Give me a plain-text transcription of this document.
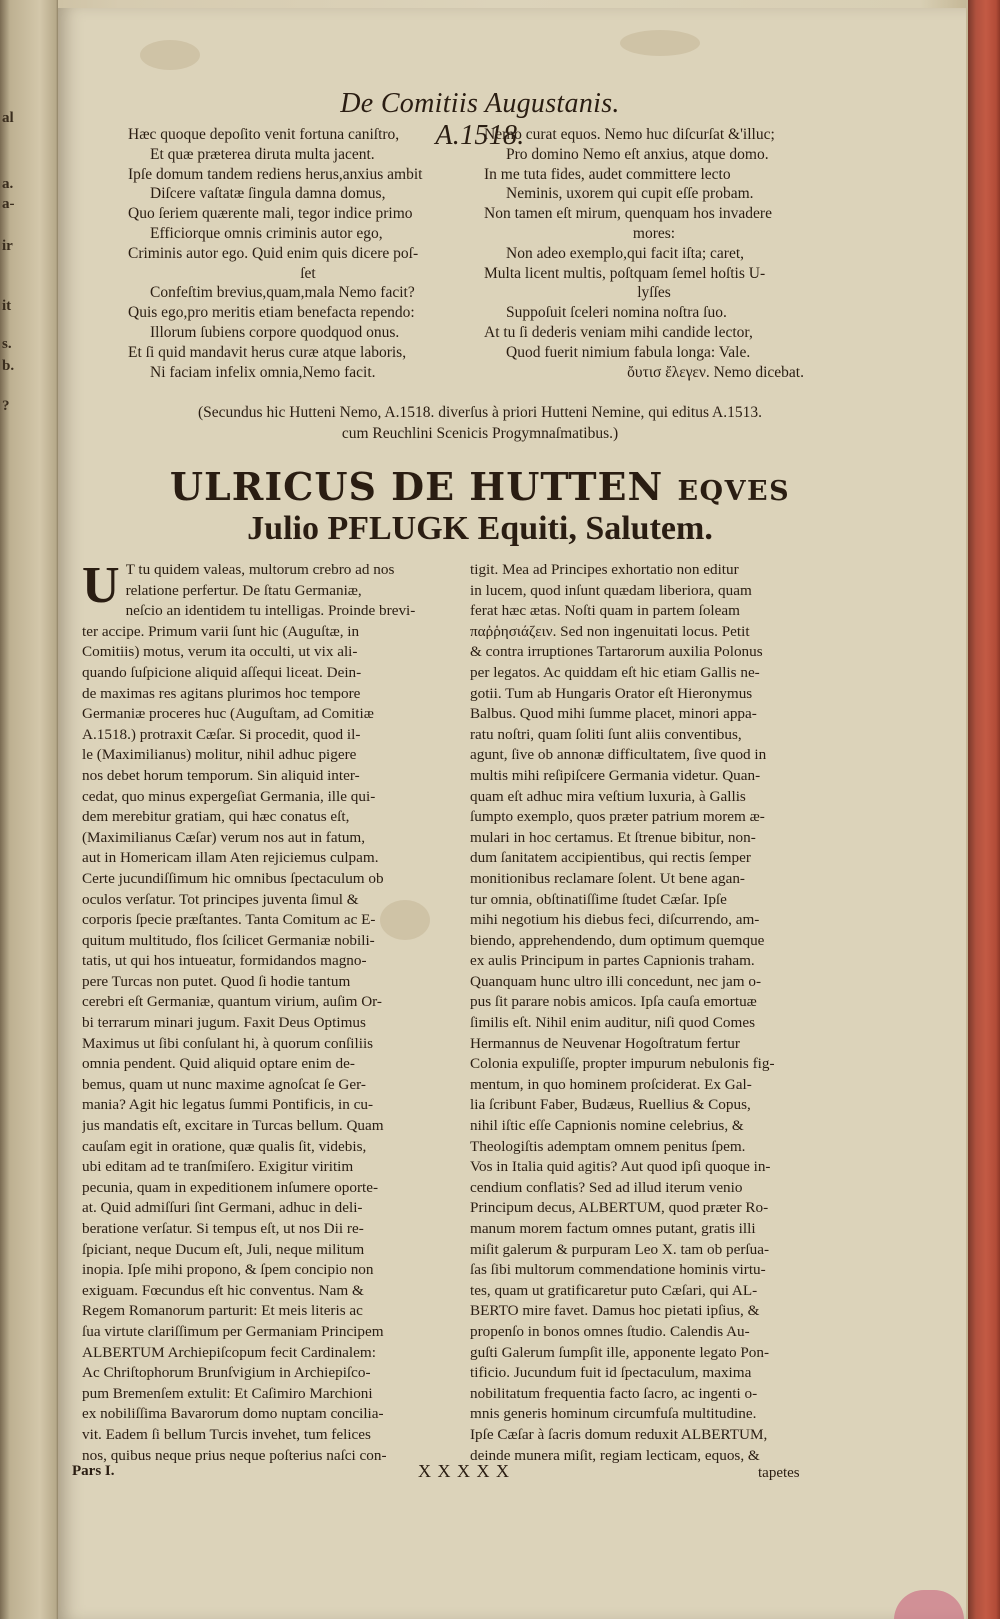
al
a.
a-
ir
it
s.
b.
?
De Comitiis Augustanis. A.1518.
Hæc quoque depoſito venit fortuna caniſtro,
Et quæ præterea diruta multa jacent.
Ipſe domum tandem rediens herus,anxius ambit
Diſcere vaſtatæ ſingula damna domus,
Quo ſeriem quærente mali, tegor indice primo
Efficiorque omnis criminis autor ego,
Criminis autor ego. Quid enim quis dicere poſ-
ſet
Confeſtim brevius,quam,mala Nemo facit?
Quis ego,pro meritis etiam benefacta rependo:
Illorum ſubiens corpore quodquod onus.
Et ſi quid mandavit herus curæ atque laboris,
Ni faciam infelix omnia,Nemo facit.
Nemo curat equos. Nemo huc diſcurſat &'illuc;
Pro domino Nemo eſt anxius, atque domo.
In me tuta fides, audet committere lecto
Neminis, uxorem qui cupit eſſe probam.
Non tamen eſt mirum, quenquam hos invadere
mores:
Non adeo exemplo,qui facit iſta; caret,
Multa licent multis, poſtquam ſemel hoſtis U-
lyſſes
Suppoſuit ſceleri nomina noſtra ſuo.
At tu ſi dederis veniam mihi candide lector,
Quod fuerit nimium fabula longa: Vale.
ὄυτισ ἔλεγεν. Nemo dicebat.
(Secundus hic Hutteni Nemo, A.1518. diverſus à priori Hutteni Nemine, qui editus A.1513.
cum Reuchlini Scenicis Progymnaſmatibus.)
ULRICUS DE HUTTEN EQVES
Julio PFLUGK Equiti, Salutem.
U T tu quidem valeas, multorum crebro ad nos
relatione perfertur. De ſtatu Germaniæ,
neſcio an identidem tu intelligas. Proinde brevi-
ter accipe. Primum varii ſunt hic (Auguſtæ, in
Comitiis) motus, verum ita occulti, ut vix ali-
quando ſuſpicione aliquid aſſequi liceat. Dein-
de maximas res agitans plurimos hoc tempore
Germaniæ proceres huc (Auguſtam, ad Comitiæ
A.1518.) protraxit Cæſar. Si procedit, quod il-
le (Maximilianus) molitur, nihil adhuc pigere
nos debet horum temporum. Sin aliquid inter-
cedat, quo minus expergeſiat Germania, ille qui-
dem merebitur gratiam, qui hæc conatus eſt,
(Maximilianus Cæſar) verum nos aut in fatum,
aut in Homericam illam Aten rejiciemus culpam.
Certe jucundiſſimum hic omnibus ſpectaculum ob
oculos verſatur. Tot principes juventa ſimul &
corporis ſpecie præſtantes. Tanta Comitum ac E-
quitum multitudo, flos ſcilicet Germaniæ nobili-
tatis, ut qui hos intueatur, formidandos magno-
pere Turcas non putet. Quod ſi hodie tantum
cerebri eſt Germaniæ, quantum virium, auſim Or-
bi terrarum minari jugum. Faxit Deus Optimus
Maximus ut ſibi conſulant hi, à quorum conſiliis
omnia pendent. Quid aliquid optare enim de-
bemus, quam ut nunc maxime agnoſcat ſe Ger-
mania? Agit hic legatus ſummi Pontificis, in cu-
jus mandatis eſt, excitare in Turcas bellum. Quam
cauſam egit in oratione, quæ qualis ſit, videbis,
ubi editam ad te tranſmiſero. Exigitur viritim
pecunia, quam in expeditionem inſumere oporte-
at. Quid admiſſuri ſint Germani, adhuc in deli-
beratione verſatur. Si tempus eſt, ut nos Dii re-
ſpiciant, neque Ducum eſt, Juli, neque militum
inopia. Ipſe mihi propono, & ſpem concipio non
exiguam. Fœcundus eſt hic conventus. Nam &
Regem Romanorum parturit: Et meis literis ac
ſua virtute clariſſimum per Germaniam Principem
ALBERTUM Archiepiſcopum fecit Cardinalem:
Ac Chriſtophorum Brunſvigium in Archiepiſco-
pum Bremenſem extulit: Et Caſimiro Marchioni
ex nobiliſſima Bavarorum domo nuptam concilia-
vit. Eadem ſi bellum Turcis invehet, tum felices
nos, quibus neque prius neque poſterius naſci con-
tigit. Mea ad Principes exhortatio non editur
in lucem, quod inſunt quædam liberiora, quam
ferat hæc ætas. Noſti quam in partem ſoleam
παῤῥησιάζειν. Sed non ingenuitati locus. Petit
& contra irruptiones Tartarorum auxilia Polonus
per legatos. Ac quiddam eſt hic etiam Gallis ne-
gotii. Tum ab Hungaris Orator eſt Hieronymus
Balbus. Quod mihi ſumme placet, minori appa-
ratu noſtri, quam ſoliti ſunt aliis conventibus,
agunt, ſive ob annonæ difficultatem, ſive quod in
multis mihi reſipiſcere Germania videtur. Quan-
quam eſt adhuc mira veſtium luxuria, à Gallis
ſumpto exemplo, quos præter patrium morem æ-
mulari in hoc certamus. Et ſtrenue bibitur, non-
dum ſanitatem accipientibus, qui rectis ſemper
monitionibus reclamare ſolent. Ut bene agan-
tur omnia, obſtinatiſſime ſtudet Cæſar. Ipſe
mihi negotium his diebus feci, diſcurrendo, am-
biendo, apprehendendo, dum optimum quemque
ex aulis Principum in partes Capnionis traham.
Quanquam hunc ultro illi concedunt, nec jam o-
pus ſit parare nobis amicos. Ipſa cauſa emortuæ
ſimilis eſt. Nihil enim auditur, niſi quod Comes
Hermannus de Neuvenar Hogoſtratum fertur
Colonia expuliſſe, propter impurum nebulonis fig-
mentum, in quo hominem proſciderat. Ex Gal-
lia ſcribunt Faber, Budæus, Ruellius & Copus,
nihil iſtic eſſe Capnionis nomine celebrius, &
Theologiſtis ademptam omnem penitus ſpem.
Vos in Italia quid agitis? Aut quod ipſi quoque in-
cendium conflatis? Sed ad illud iterum venio
Principum decus, ALBERTUM, quod præter Ro-
manum morem factum omnes putant, gratis illi
miſit galerum & purpuram Leo X. tam ob perſua-
ſas ſibi multorum commendatione hominis virtu-
tes, quam ut gratificaretur puto Cæſari, qui AL-
BERTO mire favet. Damus hoc pietati ipſius, &
propenſo in bonos omnes ſtudio. Calendis Au-
guſti Galerum ſumpſit ille, apponente legato Pon-
tificio. Jucundum fuit id ſpectaculum, maxima
nobilitatum frequentia facto ſacro, ac ingenti o-
mnis generis hominum circumfuſa multitudine.
Ipſe Cæſar à ſacris domum reduxit ALBERTUM,
deinde munera miſit, regiam lecticam, equos, &
Pars I.	X X X X X	tapetes
